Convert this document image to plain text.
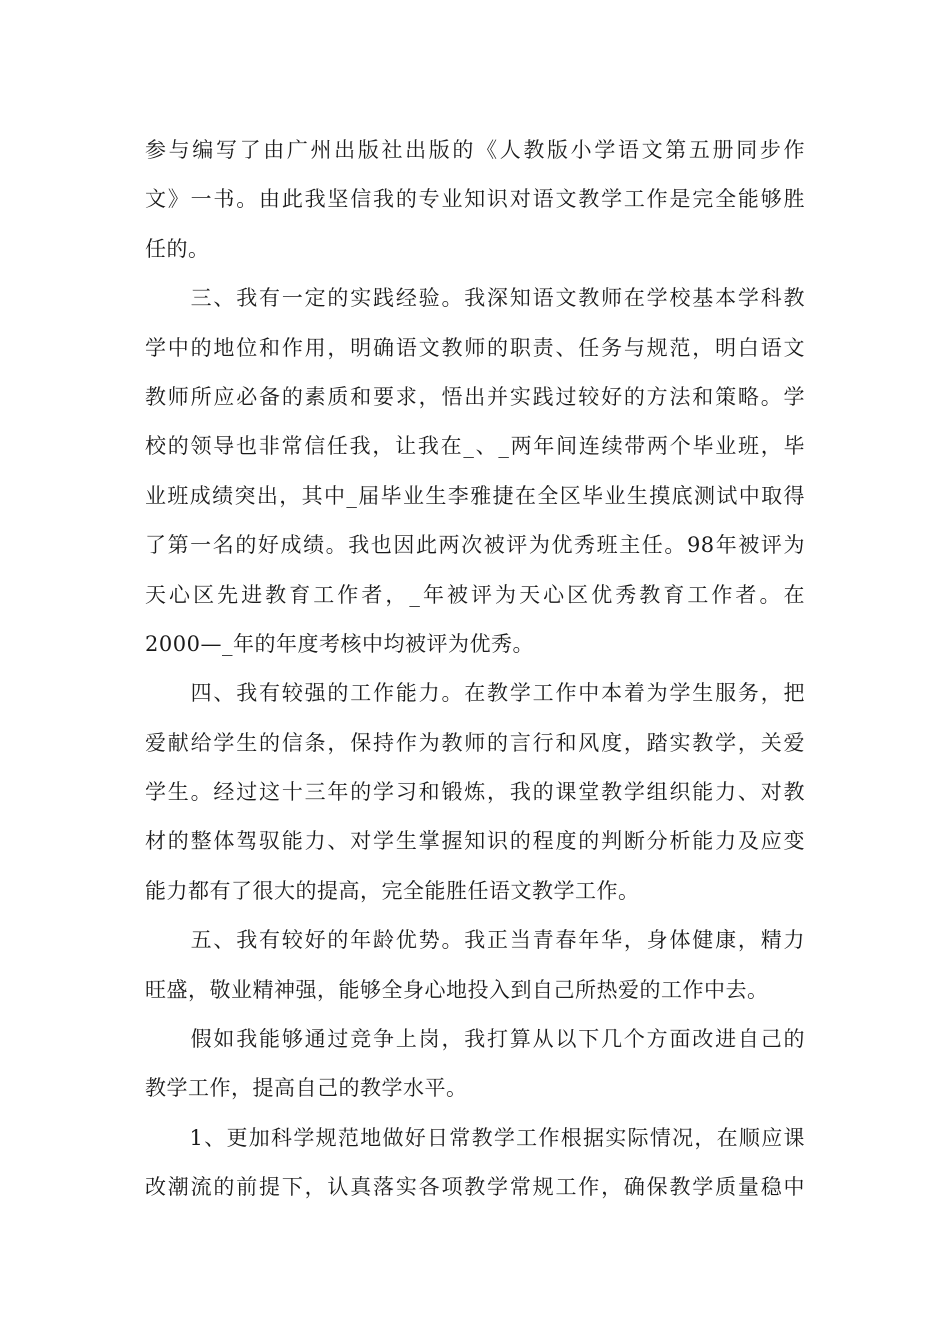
参与编写了由广州出版社出版的《人教版小学语文第五册同步作
文》一书。由此我坚信我的专业知识对语文教学工作是完全能够胜
任的。
　　三、我有一定的实践经验。我深知语文教师在学校基本学科教
学中的地位和作用，明确语文教师的职责、任务与规范，明白语文
教师所应必备的素质和要求，悟出并实践过较好的方法和策略。学
校的领导也非常信任我，让我在_、_两年间连续带两个毕业班，毕
业班成绩突出，其中_届毕业生李雅捷在全区毕业生摸底测试中取得
了第一名的好成绩。我也因此两次被评为优秀班主任。98年被评为
天心区先进教育工作者，_年被评为天心区优秀教育工作者。在
2000—_年的年度考核中均被评为优秀。
　　四、我有较强的工作能力。在教学工作中本着为学生服务，把
爱献给学生的信条，保持作为教师的言行和风度，踏实教学，关爱
学生。经过这十三年的学习和锻炼，我的课堂教学组织能力、对教
材的整体驾驭能力、对学生掌握知识的程度的判断分析能力及应变
能力都有了很大的提高，完全能胜任语文教学工作。
　　五、我有较好的年龄优势。我正当青春年华，身体健康，精力
旺盛，敬业精神强，能够全身心地投入到自己所热爱的工作中去。
　　假如我能够通过竞争上岗，我打算从以下几个方面改进自己的
教学工作，提高自己的教学水平。
　　1、更加科学规范地做好日常教学工作根据实际情况，在顺应课
改潮流的前提下，认真落实各项教学常规工作，确保教学质量稳中
